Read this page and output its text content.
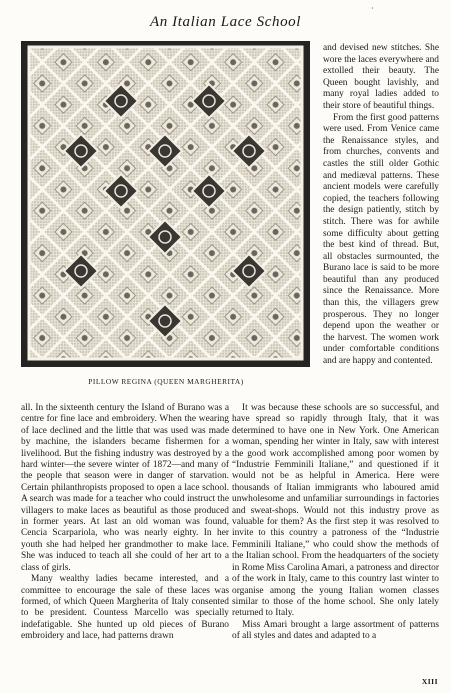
·
An Italian Lace School
PILLOW REGINA (QUEEN MARGHERITA)

and devised new stitches. She wore the laces everywhere and extolled their beauty. The Queen bought lavishly, and many royal ladies added to their store of beautiful things.

From the first good patterns were used. From Venice came the Renaissance styles, and from churches, convents and castles the still older Gothic and mediæval patterns. These ancient models were carefully copied, the teachers following the design patiently, stitch by stitch. There was for awhile some difficulty about getting the best kind of thread. But, all obstacles surmounted, the Burano lace is said to be more beautiful than any produced since the Renaissance. More than this, the villagers grew prosperous. They no longer depend upon the weather or the harvest. The women work under comfortable conditions and are happy and contented.

all. In the sixteenth century the Island of Burano was a centre for fine lace and embroidery. When the wearing of lace declined and the little that was used was made by machine, the islanders became fishermen for a livelihood. But the fishing industry was destroyed by a hard winter—the severe winter of 1872—and many of the people that season were in danger of starvation. Certain philanthropists proposed to open a lace school. A search was made for a teacher who could instruct the villagers to make laces as beautiful as those produced in former years. At last an old woman was found, Cencia Scarpariola, who was nearly eighty. In her youth she had helped her grandmother to make lace. She was induced to teach all she could of her art to a class of girls.

Many wealthy ladies became interested, and a committee to encourage the sale of these laces was formed, of which Queen Margherita of Italy consented to be president. Countess Marcello was specially indefatigable. She hunted up old pieces of Burano embroidery and lace, had patterns drawn

It was because these schools are so successful, and have spread so rapidly through Italy, that it was determined to have one in New York. One American woman, spending her winter in Italy, saw with interest the good work accomplished among poor women by “Industrie Femminili Italiane,” and questioned if it would not be as helpful in America. Here were thousands of Italian immigrants who laboured amid unwholesome and unfamiliar surroundings in factories and sweat-shops. Would not this industry prove as valuable for them? As the first step it was resolved to invite to this country a patroness of the “Industrie Femminili Italiane,” who could show the methods of the Italian school. From the headquarters of the society in Rome Miss Carolina Amari, a patroness and director of the work in Italy, came to this country last winter to organise among the young Italian women classes similar to those of the home school. She only lately returned to Italy.

Miss Amari brought a large assortment of patterns of all styles and dates and adapted to a

XIII
